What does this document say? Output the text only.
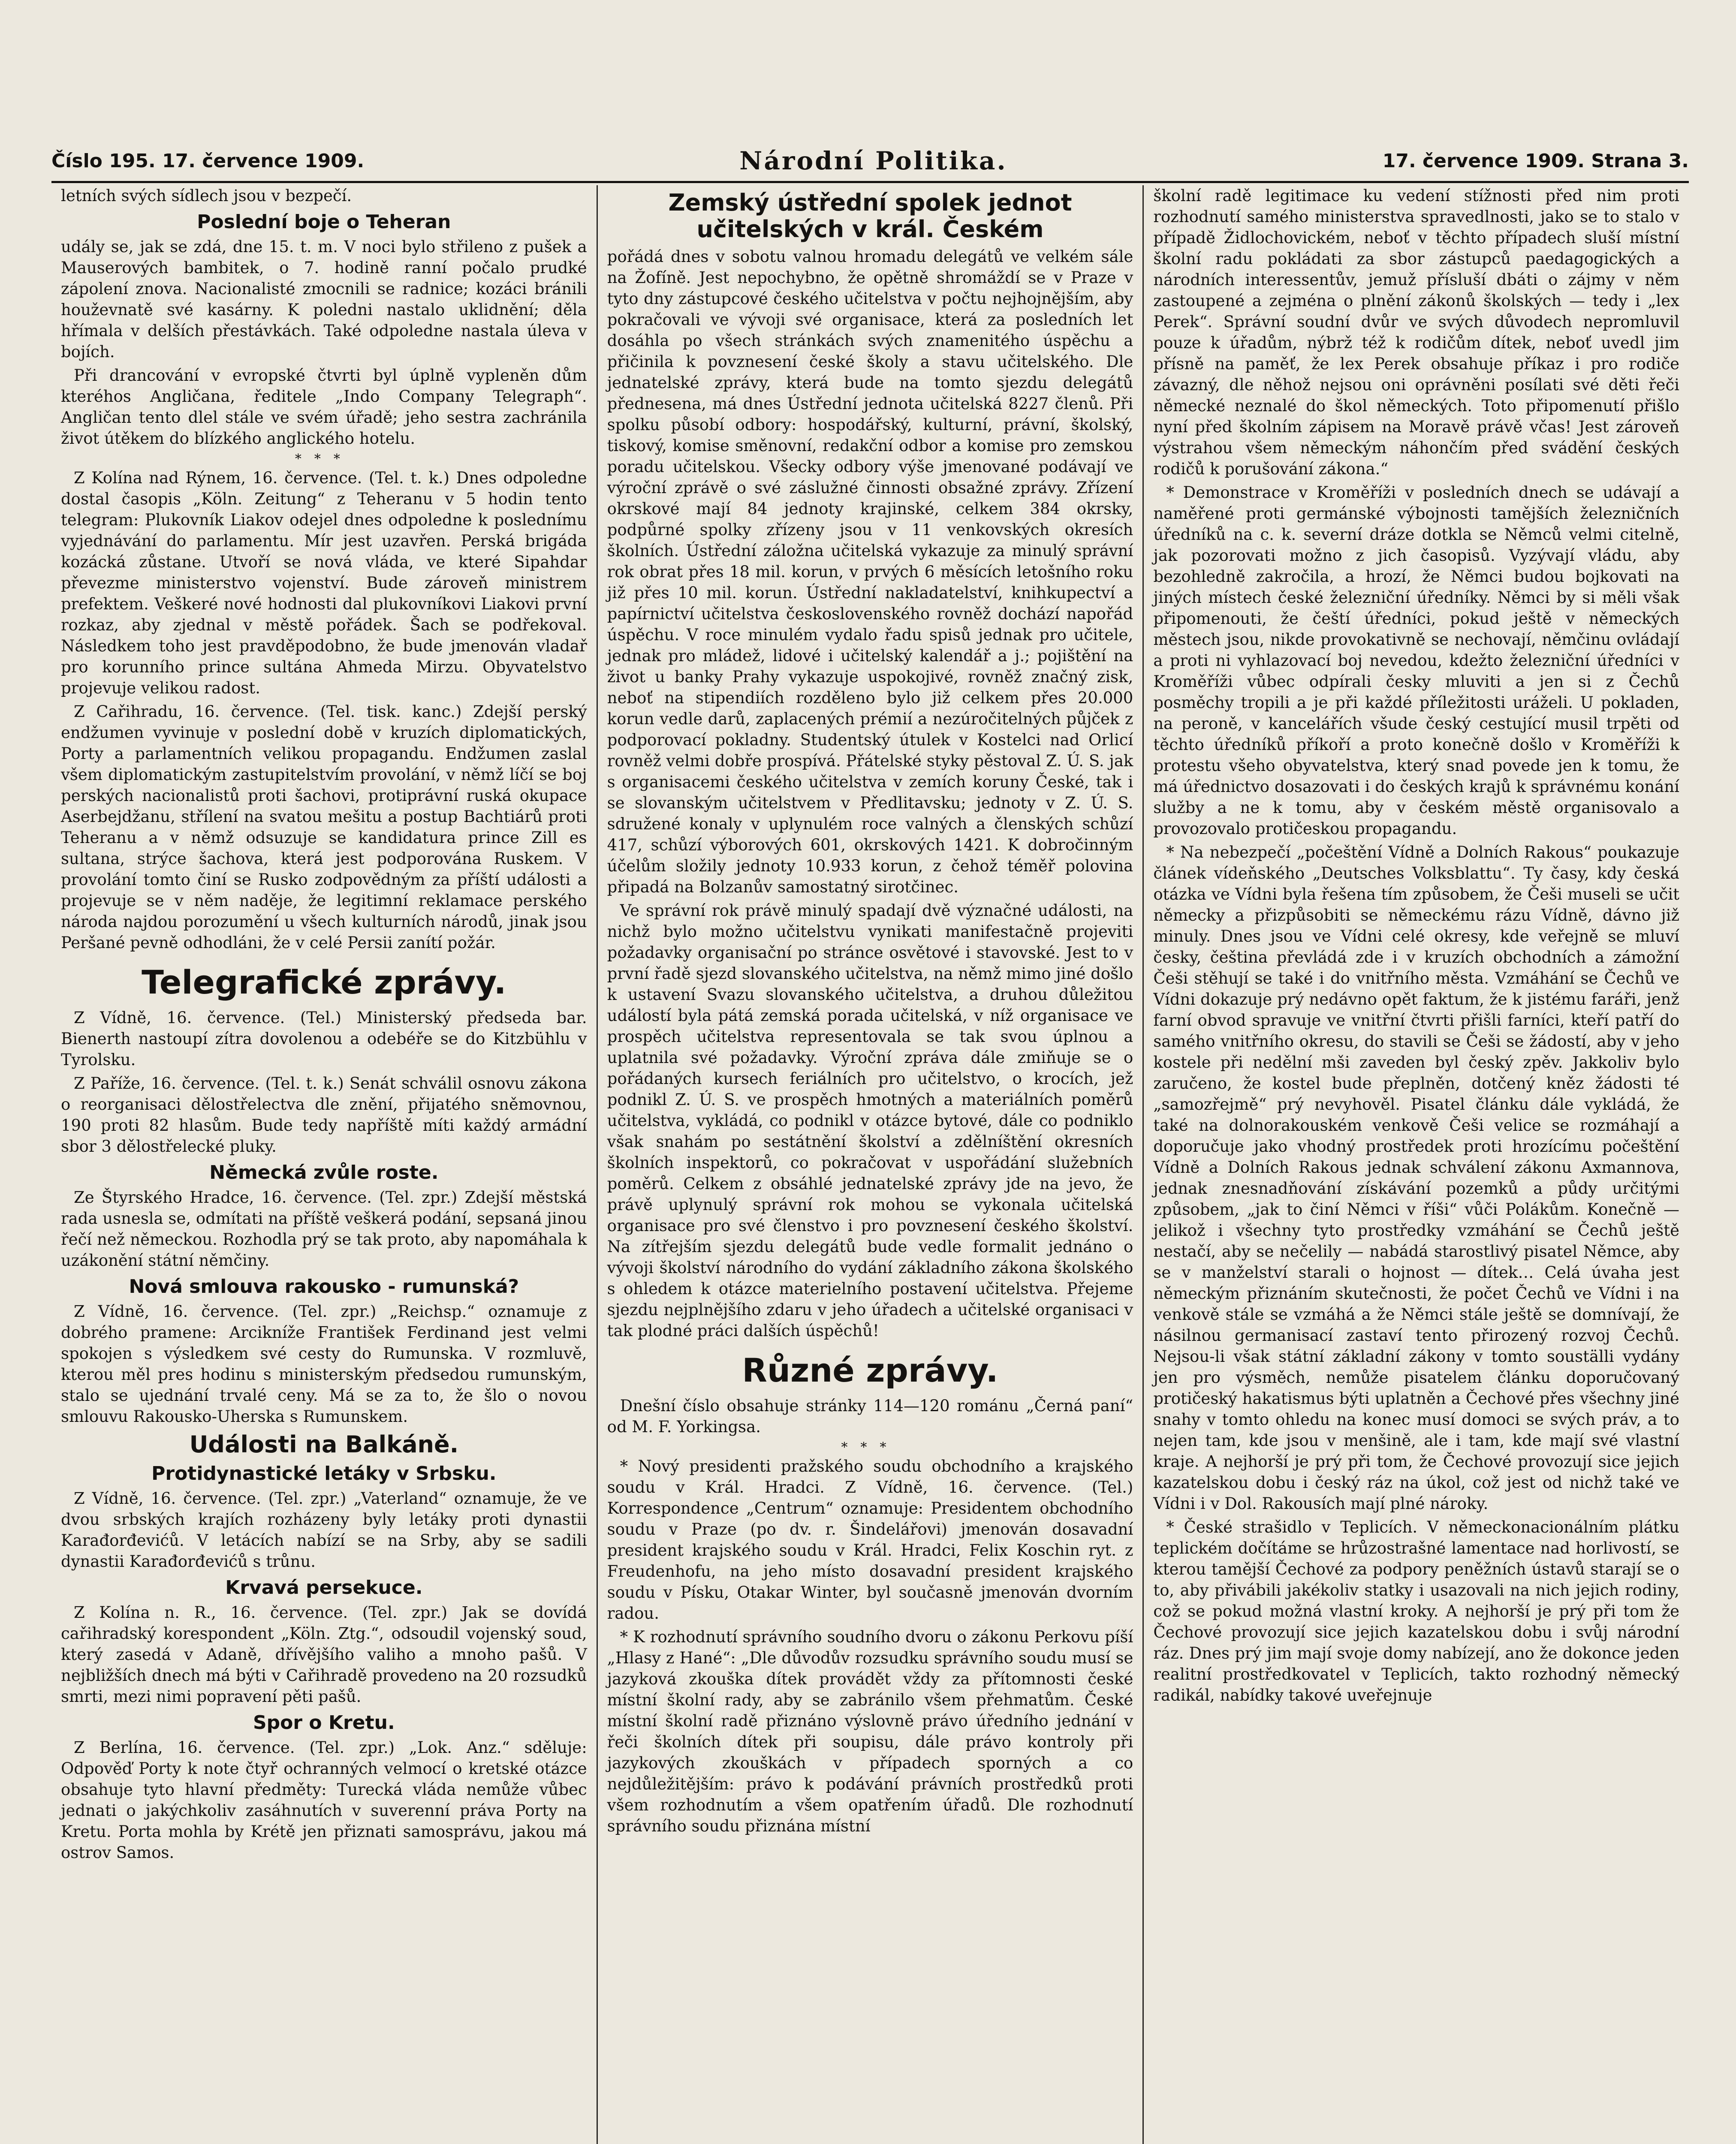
Číslo 195. 17. července 1909.	Národní Politika.	17. července 1909. Strana 3.

letních svých sídlech jsou v bezpečí.

Poslední boje o Teheran

udály se, jak se zdá, dne 15. t. m. V noci bylo střileno z pušek a Mauserových bambitek, o 7. hodině ranní počalo prudké zápolení znova. Nacionalisté zmocnili se radnice; kozáci bránili houževnatě své kasárny. K poledni nastalo uklidnění; děla hřímala v delších přestávkách. Také odpoledne nastala úleva v bojích.

Při drancování v evropské čtvrti byl úplně vypleněn dům kteréhos Angličana, ředitele „Indo Company Telegraph“. Angličan tento dlel stále ve svém úřadě; jeho sestra zachránila život útěkem do blízkého anglického hotelu.

***

Z Kolína nad Rýnem, 16. července. (Tel. t. k.) Dnes odpoledne dostal časopis „Köln. Zeitung“ z Teheranu v 5 hodin tento telegram: Plukovník Liakov odejel dnes odpoledne k poslednímu vyjednávání do parlamentu. Mír jest uzavřen. Perská brigáda kozácká zůstane. Utvoří se nová vláda, ve které Sipahdar převezme ministerstvo vojenství. Bude zároveň ministrem prefektem. Veškeré nové hodnosti dal plukovníkovi Liakovi první rozkaz, aby zjednal v městě pořádek. Šach se podřekoval. Následkem toho jest pravděpodobno, že bude jmenován vladař pro korunního prince sultána Ahmeda Mirzu. Obyvatelstvo projevuje velikou radost.

Z Cařihradu, 16. července. (Tel. tisk. kanc.) Zdejší perský endžumen vyvinuje v poslední době v kruzích diplomatických, Porty a parlamentních velikou propagandu. Endžumen zaslal všem diplomatickým zastupitelstvím provolání, v němž líčí se boj perských nacionalistů proti šachovi, protiprávní ruská okupace Aserbejdžanu, střílení na svatou mešitu a postup Bachtiárů proti Teheranu a v němž odsuzuje se kandidatura prince Zill es sultana, strýce šachova, která jest podporována Ruskem. V provolání tomto činí se Rusko zodpovědným za příští události a projevuje se v něm naděje, že legitimní reklamace perského národa najdou porozumění u všech kulturních národů, jinak jsou Peršané pevně odhodláni, že v celé Persii zanítí požár.

Telegrafické zprávy.

Z Vídně, 16. července. (Tel.) Ministerský předseda bar. Bienerth nastoupí zítra dovolenou a odebéře se do Kitzbühlu v Tyrolsku.

Z Paříže, 16. července. (Tel. t. k.) Senát schválil osnovu zákona o reorganisaci dělostřelectva dle znění, přijatého sněmovnou, 190 proti 82 hlasům. Bude tedy napříště míti každý armádní sbor 3 dělostřelecké pluky.

Německá zvůle roste.

Ze Štyrského Hradce, 16. července. (Tel. zpr.) Zdejší městská rada usnesla se, odmítati na příště veškerá podání, sepsaná jinou řečí než německou. Rozhodla prý se tak proto, aby napomáhala k uzákonění státní němčiny.

Nová smlouva rakousko - rumunská?

Z Vídně, 16. července. (Tel. zpr.) „Reichsp.“ oznamuje z dobrého pramene: Arcikníže František Ferdinand jest velmi spokojen s výsledkem své cesty do Rumunska. V rozmluvě, kterou měl pres hodinu s ministerským předsedou rumunským, stalo se ujednání trvalé ceny. Má se za to, že šlo o novou smlouvu Rakousko-Uherska s Rumunskem.

Události na Balkáně.
Protidynastické letáky v Srbsku.

Z Vídně, 16. července. (Tel. zpr.) „Vaterland“ oznamuje, že ve dvou srbských krajích rozházeny byly letáky proti dynastii Karađorđevićů. V letácích nabízí se na Srby, aby se sadili dynastii Karađorđevićů s trůnu.

Krvavá persekuce.

Z Kolína n. R., 16. července. (Tel. zpr.) Jak se dovídá cařihradský korespondent „Köln. Ztg.“, odsoudil vojenský soud, který zasedá v Adaně, dřívějšího valiho a mnoho pašů. V nejbližších dnech má býti v Cařihradě provedeno na 20 rozsudků smrti, mezi nimi popravení pěti pašů.

Spor o Kretu.

Z Berlína, 16. července. (Tel. zpr.) „Lok. Anz.“ sděluje: Odpověď Porty k note čtyř ochranných velmocí o kretské otázce obsahuje tyto hlavní předměty: Turecká vláda nemůže vůbec jednati o jakýchkoliv zasáhnutích v suverenní práva Porty na Kretu. Porta mohla by Krétě jen přiznati samosprávu, jakou má ostrov Samos.

Zemský ústřední spolek jednot učitelských v král. Českém

pořádá dnes v sobotu valnou hromadu delegátů ve velkém sále na Žofíně. Jest nepochybno, že opětně shromáždí se v Praze v tyto dny zástupcové českého učitelstva v počtu nejhojnějším, aby pokračovali ve vývoji své organisace, která za posledních let dosáhla po všech stránkách svých znamenitého úspěchu a přičinila k povznesení české školy a stavu učitelského. Dle jednatelské zprávy, která bude na tomto sjezdu delegátů přednesena, má dnes Ústřední jednota učitelská 8227 členů. Při spolku působí odbory: hospodářský, kulturní, právní, školský, tiskový, komise směnovní, redakční odbor a komise pro zemskou poradu učitelskou. Všecky odbory výše jmenované podávají ve výroční zprávě o své záslužné činnosti obsažné zprávy. Zřízení okrskové mají 84 jednoty krajinské, celkem 384 okrsky, podpůrné spolky zřízeny jsou v 11 venkovských okresích školních. Ústřední záložna učitelská vykazuje za minulý správní rok obrat přes 18 mil. korun, v prvých 6 měsících letošního roku již přes 10 mil. korun. Ústřední nakladatelství, knihkupectví a papírnictví učitelstva československého rovněž dochází napořád úspěchu. V roce minulém vydalo řadu spisů jednak pro učitele, jednak pro mládež, lidové i učitelský kalendář a j.; pojištění na život u banky Prahy vykazuje uspokojivé, rovněž značný zisk, neboť na stipendiích rozděleno bylo již celkem přes 20.000 korun vedle darů, zaplacených prémií a nezúročitelných půjček z podporovací pokladny. Studentský útulek v Kostelci nad Orlicí rovněž velmi dobře prospívá. Přátelské styky pěstoval Z. Ú. S. jak s organisacemi českého učitelstva v zemích koruny České, tak i se slovanským učitelstvem v Předlitavsku; jednoty v Z. Ú. S. sdružené konaly v uplynulém roce valných a členských schůzí 417, schůzí výborových 601, okrskových 1421. K dobročinným účelům složily jednoty 10.933 korun, z čehož téměř polovina připadá na Bolzanův samostatný sirotčinec.

Ve správní rok právě minulý spadají dvě význačné události, na nichž bylo možno učitelstvu vynikati manifestačně projeviti požadavky organisační po stránce osvětové i stavovské. Jest to v první řadě sjezd slovanského učitelstva, na němž mimo jiné došlo k ustavení Svazu slovanského učitelstva, a druhou důležitou událostí byla pátá zemská porada učitelská, v níž organisace ve prospěch učitelstva representovala se tak svou úplnou a uplatnila své požadavky. Výroční zpráva dále zmiňuje se o pořádaných kursech feriálních pro učitelstvo, o krocích, jež podnikl Z. Ú. S. ve prospěch hmotných a materiálních poměrů učitelstva, vykládá, co podnikl v otázce bytové, dále co podniklo však snahám po sestátnění školství a zdělníštění okresních školních inspektorů, co pokračovat v uspořádání služebních poměrů. Celkem z obsáhlé jednatelské zprávy jde na jevo, že právě uplynulý správní rok mohou se vykonala učitelská organisace pro své členstvo i pro povznesení českého školství. Na zítřejším sjezdu delegátů bude vedle formalit jednáno o vývoji školství národního do vydání základního zákona školského s ohledem k otázce materielního postavení učitelstva. Přejeme sjezdu nejplnějšího zdaru v jeho úřadech a učitelské organisaci v tak plodné práci dalších úspěchů!

Různé zprávy.

Dnešní číslo obsahuje stránky 114—120 románu „Černá paní“ od M. F. Yorkingsa.

***

* Nový presidenti pražského soudu obchodního a krajského soudu v Král. Hradci. Z Vídně, 16. července. (Tel.) Korrespondence „Centrum“ oznamuje: Presidentem obchodního soudu v Praze (po dv. r. Šindelářovi) jmenován dosavadní president krajského soudu v Král. Hradci, Felix Koschin ryt. z Freudenhofu, na jeho místo dosavadní president krajského soudu v Písku, Otakar Winter, byl současně jmenován dvorním radou.

* K rozhodnutí správního soudního dvoru o zákonu Perkovu píší „Hlasy z Hané“: „Dle důvodův rozsudku správního soudu musí se jazyková zkouška dítek provádět vždy za přítomnosti české místní školní rady, aby se zabránilo všem přehmatům. České místní školní radě přiznáno výslovně právo úředního jednání v řeči školních dítek při soupisu, dále právo kontroly při jazykových zkouškách v případech sporných a co nejdůležitějším: právo k podávání právních prostředků proti všem rozhodnutím a všem opatřením úřadů. Dle rozhodnutí správního soudu přiznána místní

školní radě legitimace ku vedení stížnosti před nim proti rozhodnutí samého ministerstva spravedlnosti, jako se to stalo v případě Židlochovickém, neboť v těchto případech sluší místní školní radu pokládati za sbor zástupců paedagogických a národních interessentův, jemuž přísluší dbáti o zájmy v něm zastoupené a zejména o plnění zákonů školských — tedy i „lex Perek“. Správní soudní dvůr ve svých důvodech nepromluvil pouze k úřadům, nýbrž též k rodičům dítek, neboť uvedl jim přísně na paměť, že lex Perek obsahuje příkaz i pro rodiče závazný, dle něhož nejsou oni oprávněni posílati své děti řeči německé neznalé do škol německých. Toto připomenutí přišlo nyní před školním zápisem na Moravě právě včas! Jest zároveň výstrahou všem německým náhončím před svádění českých rodičů k porušování zákona.“

* Demonstrace v Kroměříži v posledních dnech se udávají a naměřené proti germánské výbojnosti tamějších železničních úředníků na c. k. severní dráze dotkla se Němců velmi citelně, jak pozorovati možno z jich časopisů. Vyzývají vládu, aby bezohledně zakročila, a hrozí, že Němci budou bojkovati na jiných místech české železniční úředníky. Němci by si měli však připomenouti, že čeští úředníci, pokud ještě v německých městech jsou, nikde provokativně se nechovají, němčinu ovládají a proti ni vyhlazovací boj nevedou, kdežto železniční úředníci v Kroměříži vůbec odpírali česky mluviti a jen si z Čechů posměchy tropili a je při každé příležitosti uráželi. U pokladen, na peroně, v kancelářích všude český cestující musil trpěti od těchto úředníků příkoří a proto konečně došlo v Kroměříži k protestu všeho obyvatelstva, který snad povede jen k tomu, že má úřednictvo dosazovati i do českých krajů k správnému konání služby a ne k tomu, aby v českém městě organisovalo a provozovalo protičeskou propagandu.

* Na nebezpečí „počeštění Vídně a Dolních Rakous“ poukazuje článek vídeňského „Deutsches Volksblattu“. Ty časy, kdy česká otázka ve Vídni byla řešena tím způsobem, že Češi museli se učit německy a přizpůsobiti se německému rázu Vídně, dávno již minuly. Dnes jsou ve Vídni celé okresy, kde veřejně se mluví česky, čeština převládá zde i v kruzích obchodních a zámožní Češi stěhují se také i do vnitřního města. Vzmáhání se Čechů ve Vídni dokazuje prý nedávno opět faktum, že k jistému faráři, jenž farní obvod spravuje ve vnitřní čtvrti přišli farníci, kteří patří do samého vnitřního okresu, do stavili se Češi se žádostí, aby v jeho kostele při nedělní mši zaveden byl český zpěv. Jakkoliv bylo zaručeno, že kostel bude přeplněn, dotčený kněz žádosti té „samozřejmě“ prý nevyhověl. Pisatel článku dále vykládá, že také na dolnorakouském venkově Češi velice se rozmáhají a doporučuje jako vhodný prostředek proti hrozícímu počeštění Vídně a Dolních Rakous jednak schválení zákonu Axmannova, jednak znesnadňování získávání pozemků a půdy určitými způsobem, „jak to činí Němci v říši“ vůči Polákům. Konečně — jelikož i všechny tyto prostředky vzmáhání se Čechů ještě nestačí, aby se nečelily — nabádá starostlivý pisatel Němce, aby se v manželství starali o hojnost — dítek… Celá úvaha jest německým přiznáním skutečnosti, že počet Čechů ve Vídni i na venkově stále se vzmáhá a že Němci stále ještě se domnívají, že násilnou germanisací zastaví tento přirozený rozvoj Čechů. Nejsou-li však státní základní zákony v tomto souställi vydány jen pro výsměch, nemůže pisatelem článku doporučovaný protičeský hakatismus býti uplatněn a Čechové přes všechny jiné snahy v tomto ohledu na konec musí domoci se svých práv, a to nejen tam, kde jsou v menšině, ale i tam, kde mají své vlastní kraje. A nejhorší je prý při tom, že Čechové provozují sice jejich kazatelskou dobu i český ráz na úkol, což jest od nichž také ve Vídni i v Dol. Rakousích mají plné nároky.

* České strašidlo v Teplicích. V německonacionálním plátku teplickém dočítáme se hrůzostrašné lamentace nad horlivostí, se kterou tamější Čechové za podpory peněžních ústavů starají se o to, aby přivábili jakékoliv statky i usazovali na nich jejich rodiny, což se pokud možná vlastní kroky. A nejhorší je prý při tom že Čechové provozují sice jejich kazatelskou dobu i svůj národní ráz. Dnes prý jim mají svoje domy nabízejí, ano že dokonce jeden realitní prostředkovatel v Teplicích, takto rozhodný německý radikál, nabídky takové uveřejnuje
